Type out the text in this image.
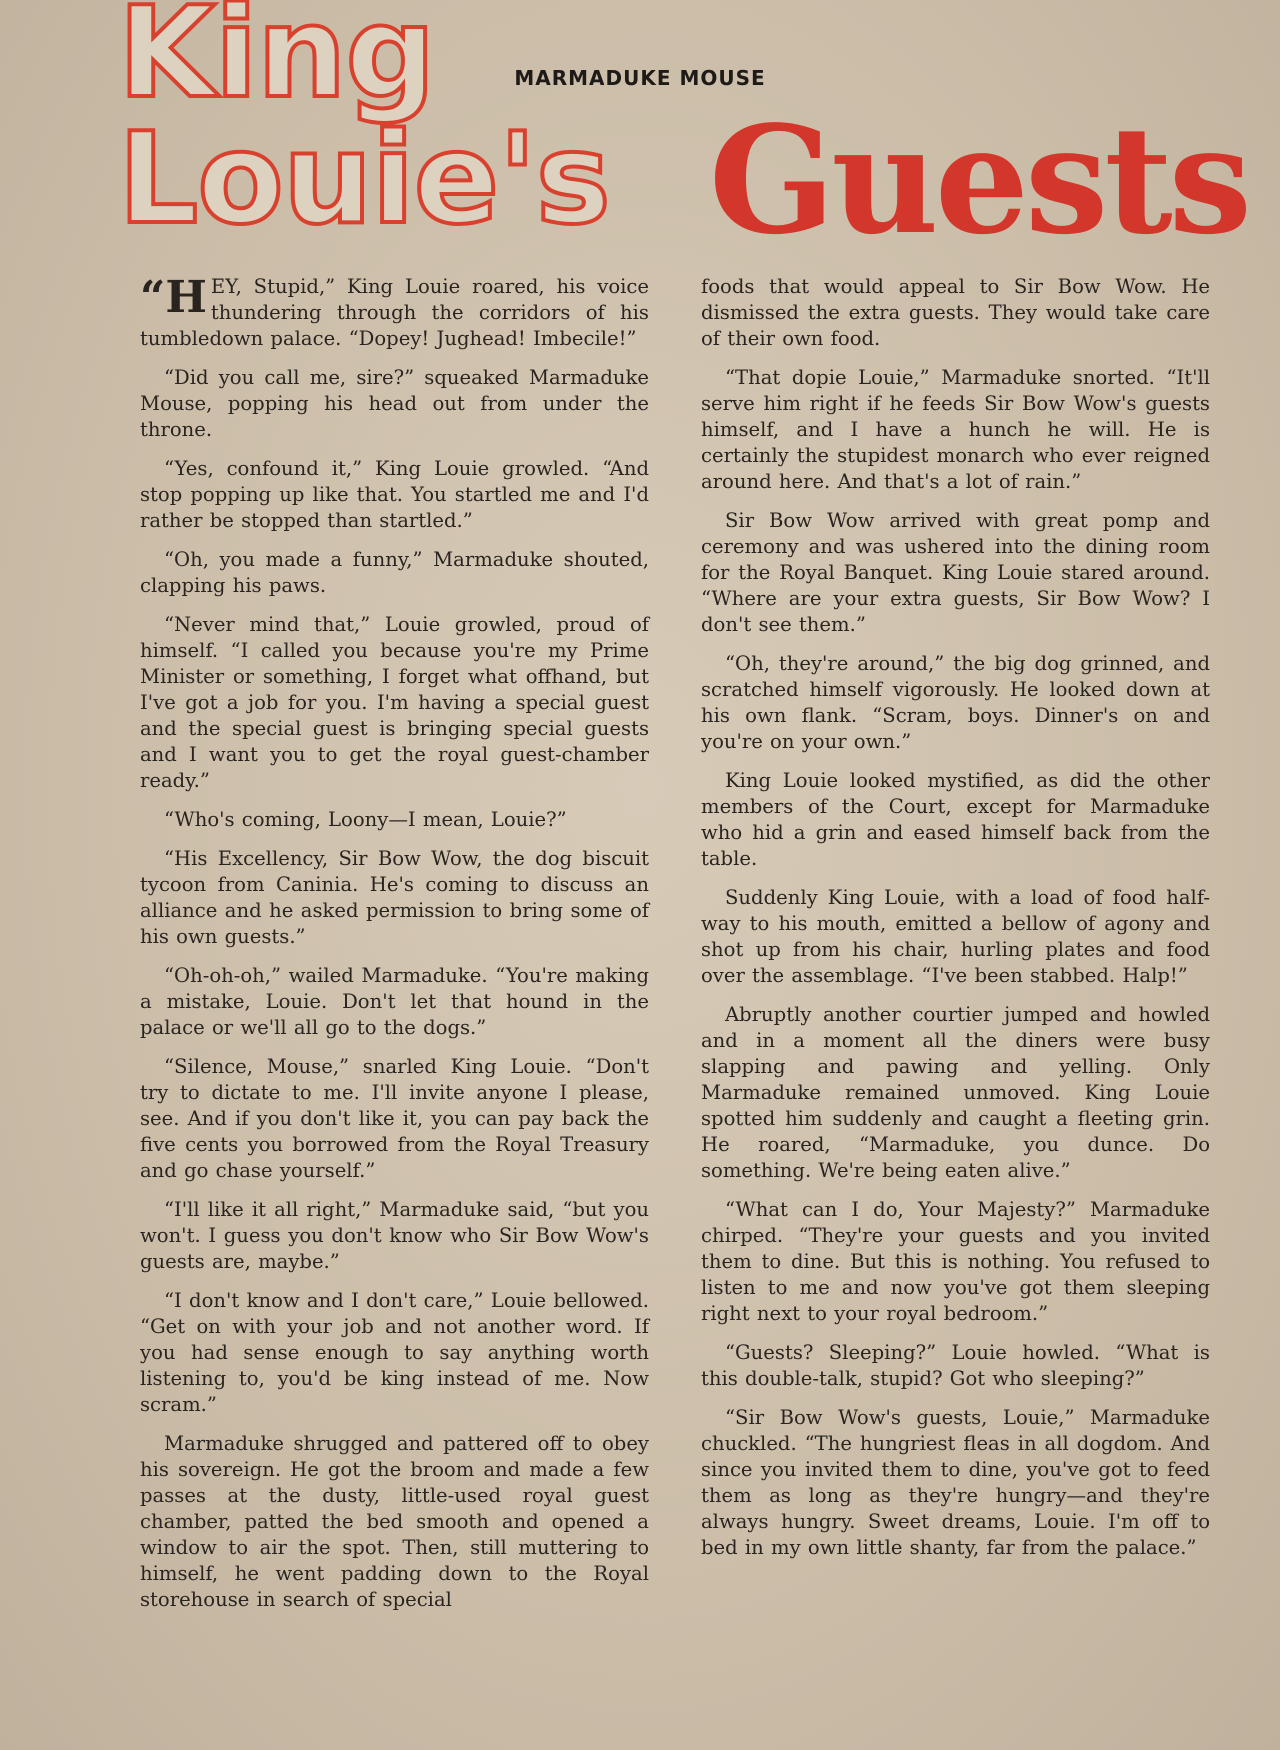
MARMADUKE MOUSE
King Louie's Guests

“H EY, Stupid,” King Louie roared, his voice thundering through the corridors of his tumbledown palace. “Dopey! Jughead! Imbecile!”

“Did you call me, sire?” squeaked Marmaduke Mouse, popping his head out from under the throne.

“Yes, confound it,” King Louie growled. “And stop popping up like that. You startled me and I'd rather be stopped than startled.”

“Oh, you made a funny,” Marmaduke shouted, clapping his paws.

“Never mind that,” Louie growled, proud of himself. “I called you because you're my Prime Minister or something, I forget what offhand, but I've got a job for you. I'm having a special guest and the special guest is bringing special guests and I want you to get the royal guest-chamber ready.”

“Who's coming, Loony—I mean, Louie?”

“His Excellency, Sir Bow Wow, the dog biscuit tycoon from Caninia. He's coming to discuss an alliance and he asked permission to bring some of his own guests.”

“Oh-oh-oh,” wailed Marmaduke. “You're making a mistake, Louie. Don't let that hound in the palace or we'll all go to the dogs.”

“Silence, Mouse,” snarled King Louie. “Don't try to dictate to me. I'll invite anyone I please, see. And if you don't like it, you can pay back the five cents you borrowed from the Royal Treasury and go chase yourself.”

“I'll like it all right,” Marmaduke said, “but you won't. I guess you don't know who Sir Bow Wow's guests are, maybe.”

“I don't know and I don't care,” Louie bellowed. “Get on with your job and not another word. If you had sense enough to say anything worth listening to, you'd be king instead of me. Now scram.”

Marmaduke shrugged and pattered off to obey his sovereign. He got the broom and made a few passes at the dusty, little-used royal guest chamber, patted the bed smooth and opened a window to air the spot. Then, still muttering to himself, he went padding down to the Royal storehouse in search of special

foods that would appeal to Sir Bow Wow. He dismissed the extra guests. They would take care of their own food.

“That dopie Louie,” Marmaduke snorted. “It'll serve him right if he feeds Sir Bow Wow's guests himself, and I have a hunch he will. He is certainly the stupidest monarch who ever reigned around here. And that's a lot of rain.”

Sir Bow Wow arrived with great pomp and ceremony and was ushered into the dining room for the Royal Banquet. King Louie stared around. “Where are your extra guests, Sir Bow Wow? I don't see them.”

“Oh, they're around,” the big dog grinned, and scratched himself vigorously. He looked down at his own flank. “Scram, boys. Dinner's on and you're on your own.”

King Louie looked mystified, as did the other members of the Court, except for Marmaduke who hid a grin and eased himself back from the table.

Suddenly King Louie, with a load of food half-way to his mouth, emitted a bellow of agony and shot up from his chair, hurling plates and food over the assemblage. “I've been stabbed. Halp!”

Abruptly another courtier jumped and howled and in a moment all the diners were busy slapping and pawing and yelling. Only Marmaduke remained unmoved. King Louie spotted him suddenly and caught a fleeting grin. He roared, “Marmaduke, you dunce. Do something. We're being eaten alive.”

“What can I do, Your Majesty?” Marmaduke chirped. “They're your guests and you invited them to dine. But this is nothing. You refused to listen to me and now you've got them sleeping right next to your royal bedroom.”

“Guests? Sleeping?” Louie howled. “What is this double-talk, stupid? Got who sleeping?”

“Sir Bow Wow's guests, Louie,” Marmaduke chuckled. “The hungriest fleas in all dogdom. And since you invited them to dine, you've got to feed them as long as they're hungry—and they're always hungry. Sweet dreams, Louie. I'm off to bed in my own little shanty, far from the palace.”
